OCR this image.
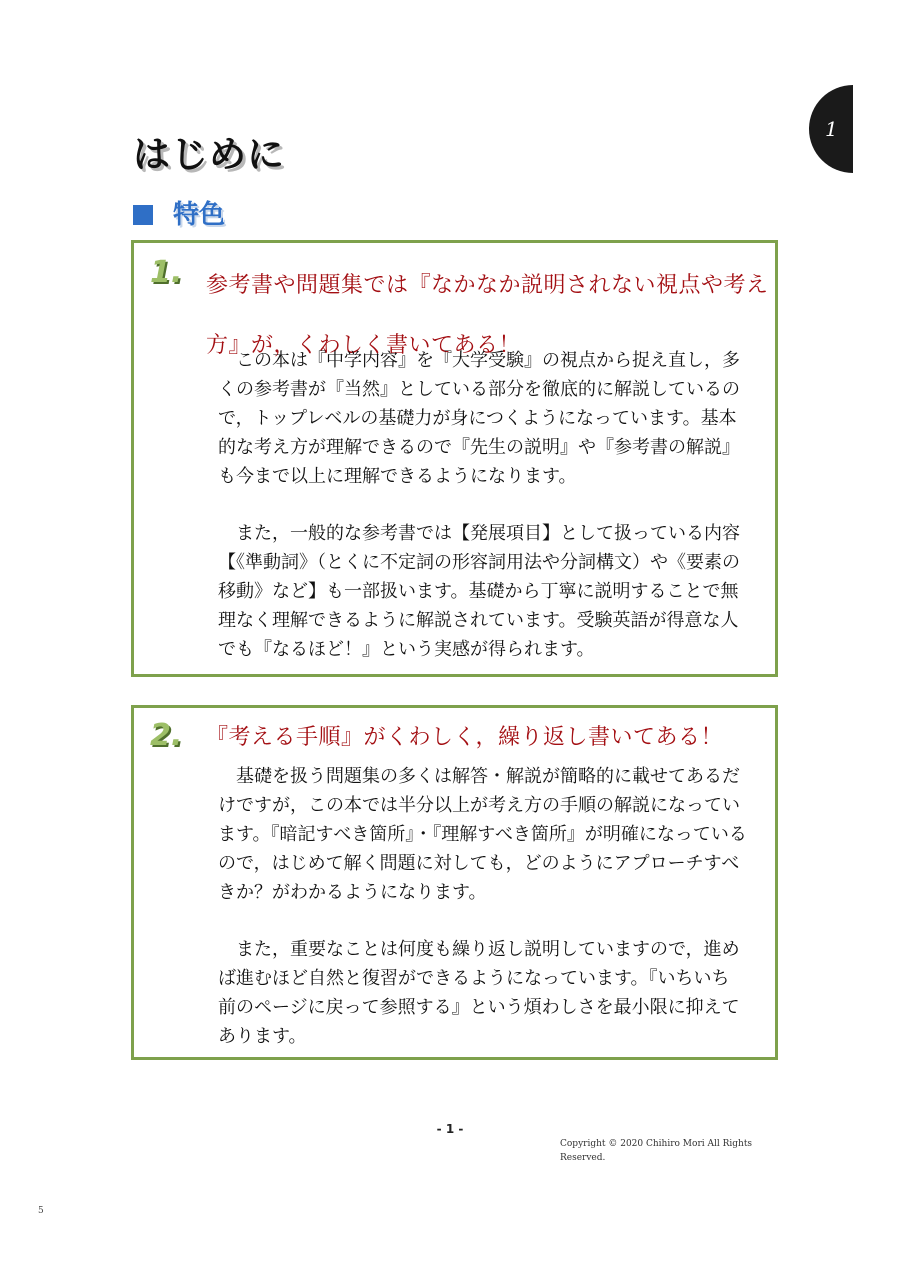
1
はじめに
特色
1. 参考書や問題集では『なかなか説明されない視点や考え方』が，くわしく書いてある！

この本は『中学内容』を『大学受験』の視点から捉え直し，多くの参考書が『当然』としている部分を徹底的に解説しているので，トップレベルの基礎力が身につくようになっています。基本的な考え方が理解できるので『先生の説明』や『参考書の解説』も今まで以上に理解できるようになります。

また，一般的な参考書では【発展項目】として扱っている内容【《準動詞》（とくに不定詞の形容詞用法や分詞構文）や《要素の移動》など】も一部扱います。基礎から丁寧に説明することで無理なく理解できるように解説されています。受験英語が得意な人でも『なるほど！』という実感が得られます。

2. 『考える手順』がくわしく，繰り返し書いてある！

基礎を扱う問題集の多くは解答・解説が簡略的に載せてあるだけですが，この本では半分以上が考え方の手順の解説になっています。『暗記すべき箇所』・『理解すべき箇所』が明確になっているので，はじめて解く問題に対しても，どのようにアプローチすべきか？がわかるようになります。

また，重要なことは何度も繰り返し説明していますので，進めば進むほど自然と復習ができるようになっています。『いちいち前のページに戻って参照する』という煩わしさを最小限に抑えてあります。

- 1 -
Copyright © 2020 Chihiro Mori All Rights Reserved.
5
